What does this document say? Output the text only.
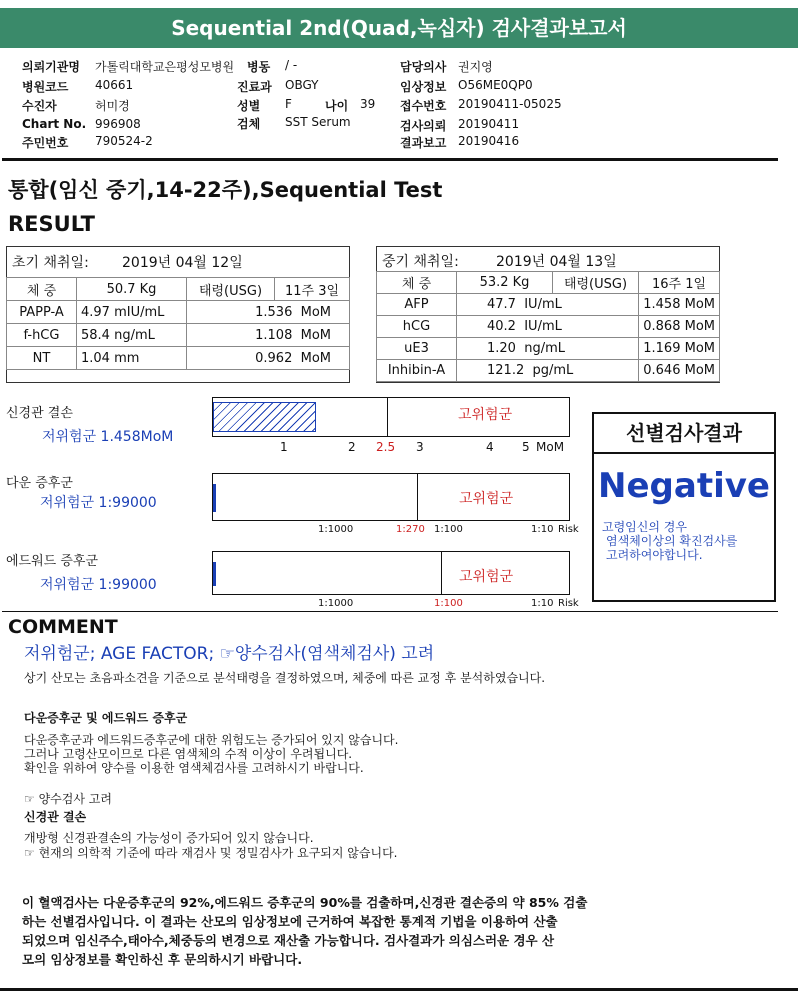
Sequential 2nd(Quad,녹십자) 검사결과보고서
의뢰기관명 가톨릭대학교은평성모병원 병동 / -	담당의사 권지영
병원코드 40661	진료과 OBGY	임상정보 O56ME0QP0
수진자	허미경	성별 F	나이 39 접수번호 20190411-05025
Chart No. 996908	검체 SST Serum	검사의뢰 20190411
주민번호 790524-2	결과보고 20190416
통합(임신 중기,14-22주),Sequential Test
RESULT
초기 채취일: 2019년 04월 12일
체 중	50.7 Kg	태령(USG)	11주 3일
PAPP-A	4.97 mIU/mL	1.536 MoM	
f-hCG	58.4 ng/mL	1.108 MoM	
NT	1.04 mm	0.962 MoM	
중기 채취일:	2019년 04월 13일
체 중	53.2 Kg	태령(USG)	16주 1일
AFP	47.7 IU/mL		1.458 MoM
hCG	40.2 IU/mL		0.868 MoM
uE3	1.20 ng/mL		1.169 MoM
Inhibin-A	121.2 pg/mL		0.646 MoM
신경관 결손
저위험군 1.458MoM
고위험군
1	2 2.5 3	4 5 MoM
다운 증후군
저위험군 1:99000	고위험군
1:1000	1:270 1:100	1:10 Risk
에드워드 증후군
저위험군 1:99000	고위험군
1:1000	1:100	1:10 Risk
선별검사결과
Negative
고령임신의 경우
염색체이상의 확진검사를
고려하여야합니다.
COMMENT
저위험군; AGE FACTOR; ☞양수검사(염색체검사) 고려
상기 산모는 초음파소견을 기준으로 분석태령을 결정하였으며, 체중에 따른 교정 후 분석하였습니다.
다운증후군 및 에드워드 증후군
다운증후군과 에드워드증후군에 대한 위험도는 증가되어 있지 않습니다.
그러나 고령산모이므로 다른 염색체의 수적 이상이 우려됩니다.
확인을 위하여 양수를 이용한 염색체검사를 고려하시기 바랍니다.
☞ 양수검사 고려
신경관 결손
개방형 신경관결손의 가능성이 증가되어 있지 않습니다.
☞ 현재의 의학적 기준에 따라 재검사 및 정밀검사가 요구되지 않습니다.
이 혈액검사는 다운증후군의 92%,에드워드 증후군의 90%를 검출하며,신경관 결손증의 약 85% 검출
하는 선별검사입니다. 이 결과는 산모의 임상정보에 근거하여 복잡한 통계적 기법을 이용하여 산출
되었으며 임신주수,태아수,체중등의 변경으로 재산출 가능합니다. 검사결과가 의심스러운 경우 산
모의 임상정보를 확인하신 후 문의하시기 바랍니다.
